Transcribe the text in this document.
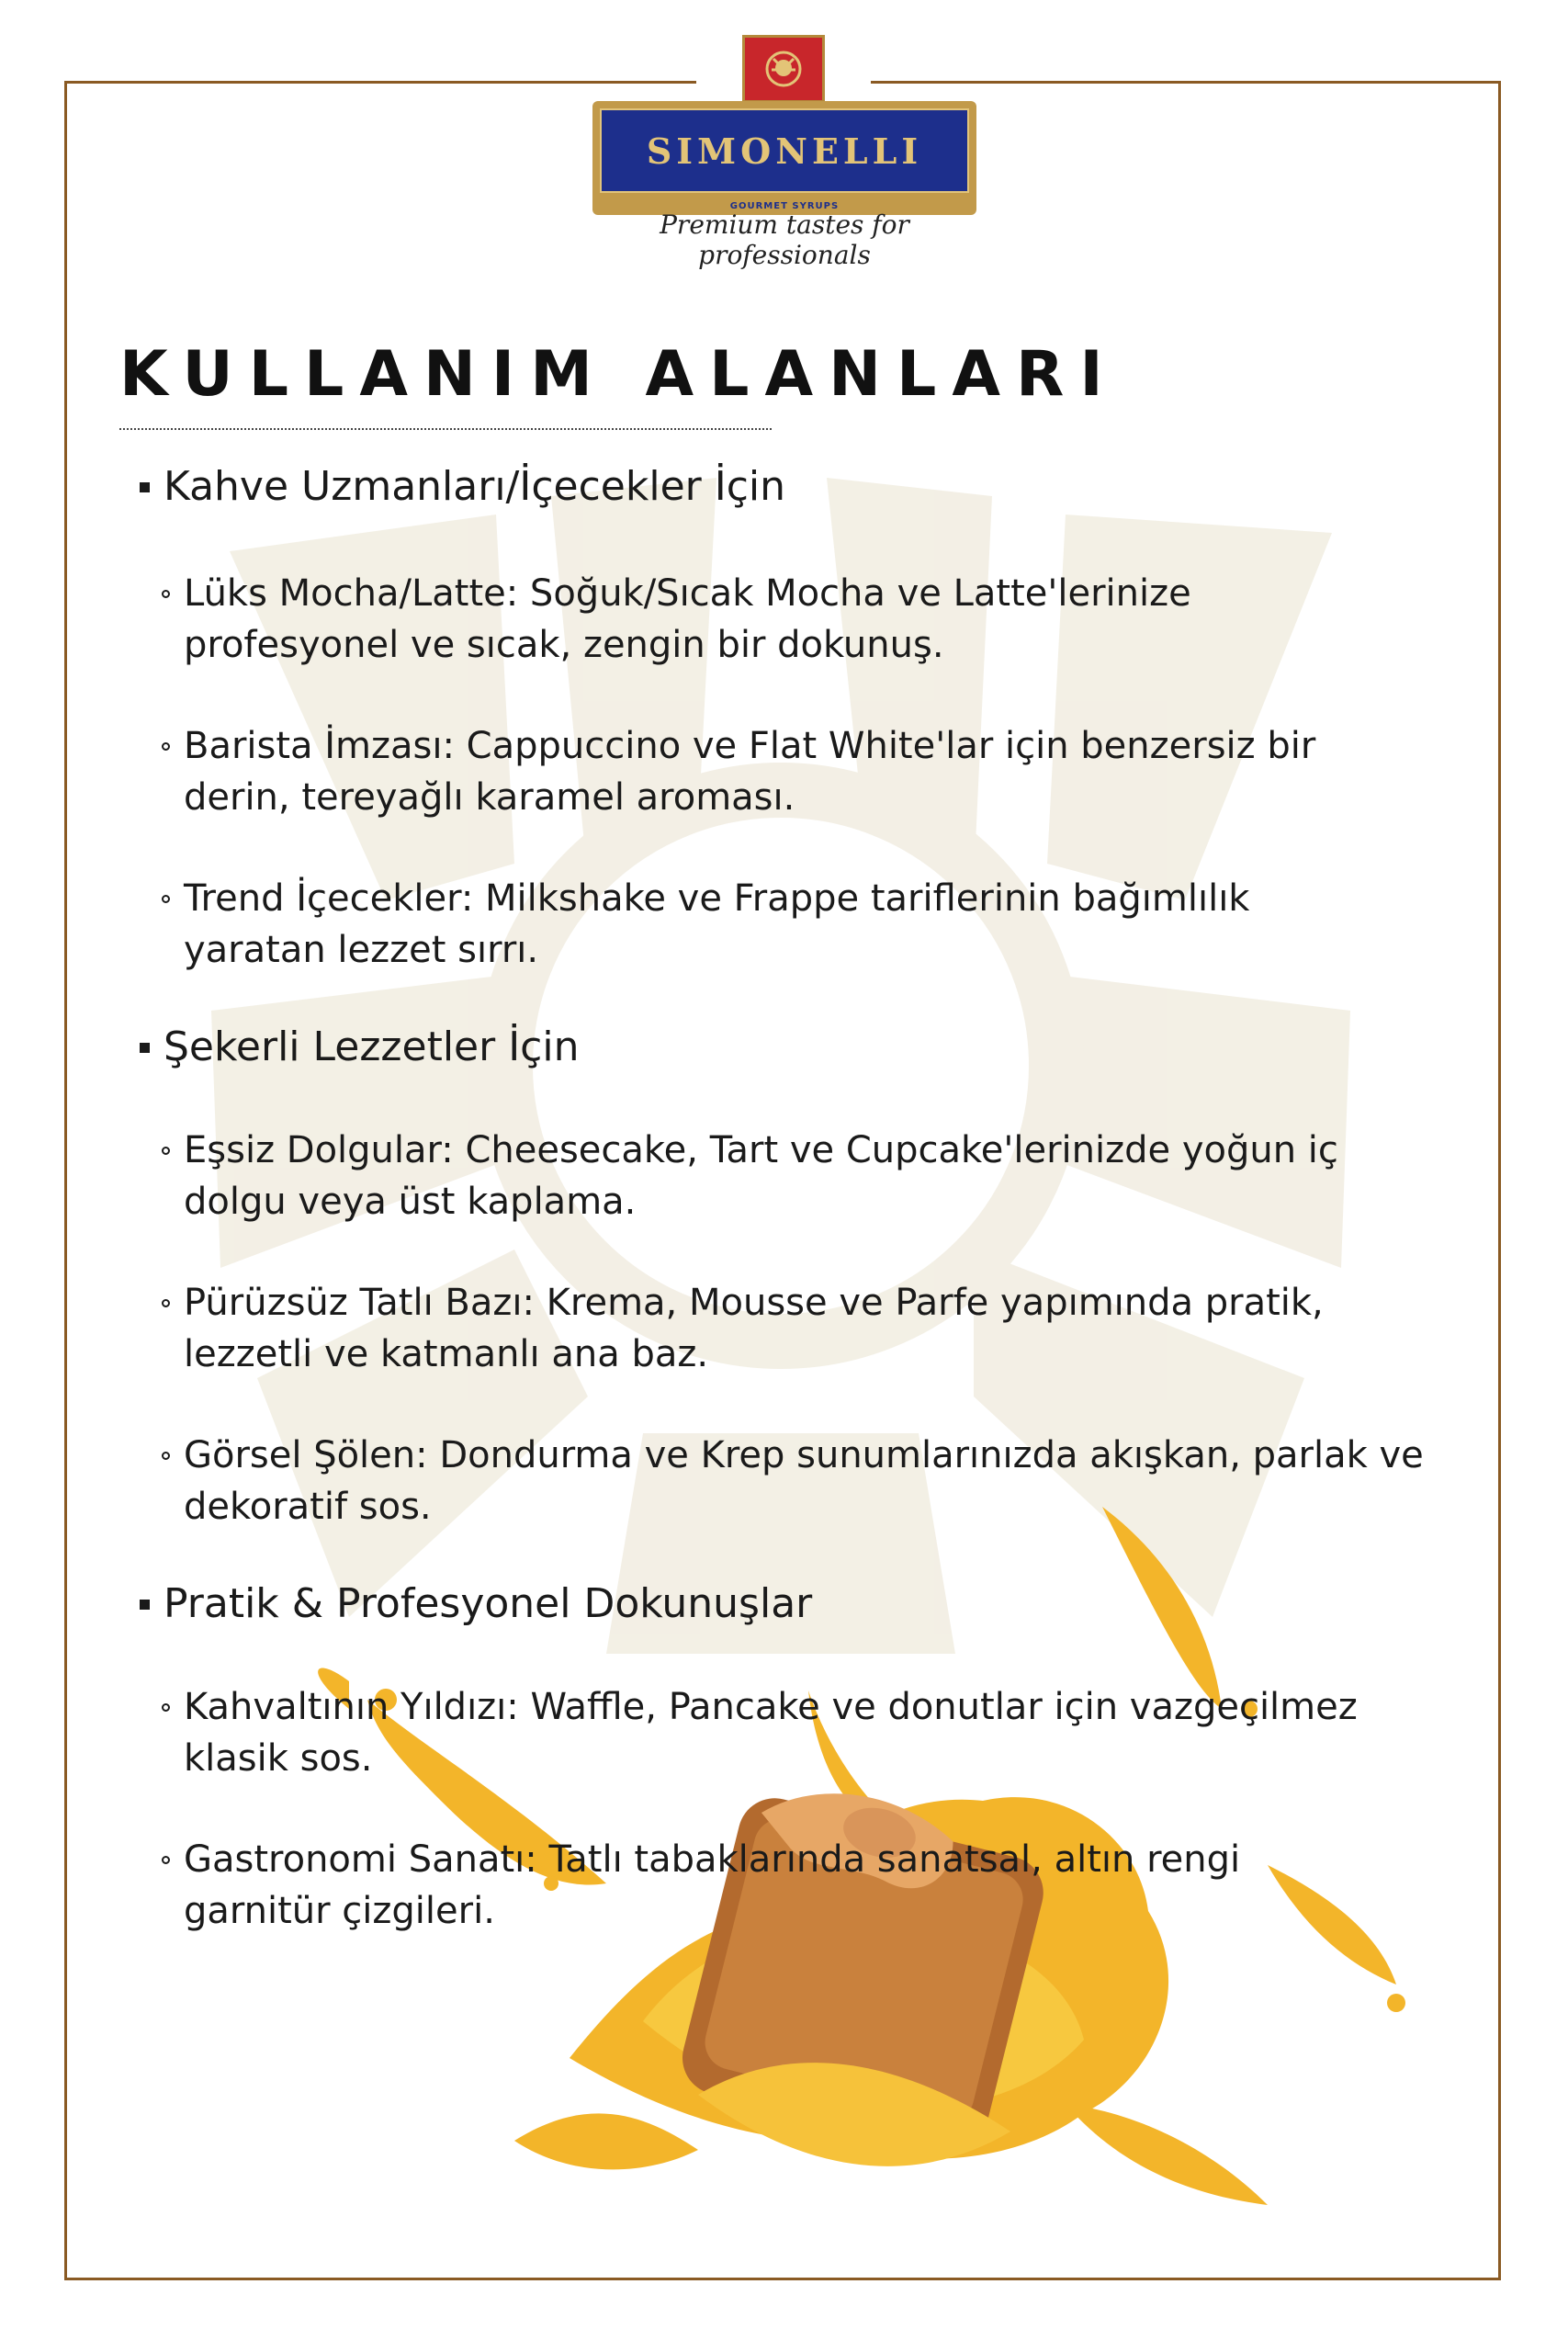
SIMONELLI
GOURMET SYRUPS
Premium tastes for professionals
KULLANIM ALANLARI
Kahve Uzmanları/İçecekler İçin
Lüks Mocha/Latte: Soğuk/Sıcak Mocha ve Latte'lerinize profesyonel ve sıcak, zengin bir dokunuş.
Barista İmzası: Cappuccino ve Flat White'lar için benzersiz bir derin, tereyağlı karamel aroması.
Trend İçecekler: Milkshake ve Frappe tariflerinin bağımlılık yaratan lezzet sırrı.
Şekerli Lezzetler İçin
Eşsiz Dolgular: Cheesecake, Tart ve Cupcake'lerinizde yoğun iç dolgu veya üst kaplama.
Pürüzsüz Tatlı Bazı: Krema, Mousse ve Parfe yapımında pratik, lezzetli ve katmanlı ana baz.
Görsel Şölen: Dondurma ve Krep sunumlarınızda akışkan, parlak ve dekoratif sos.
Pratik & Profesyonel Dokunuşlar
Kahvaltının Yıldızı: Waffle, Pancake ve donutlar için vazgeçilmez klasik sos.
Gastronomi Sanatı: Tatlı tabaklarında sanatsal, altın rengi garnitür çizgileri.
